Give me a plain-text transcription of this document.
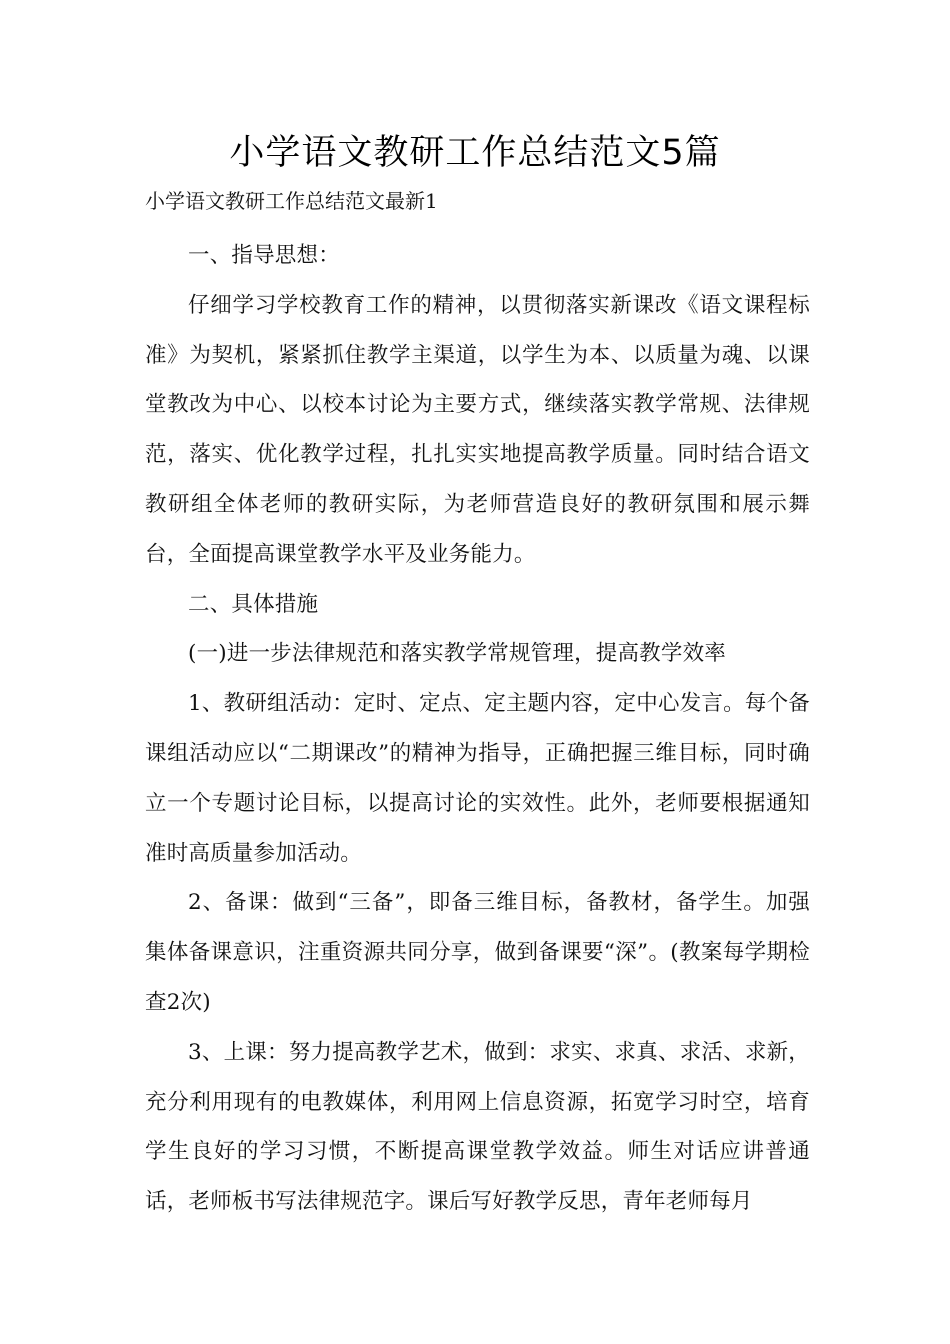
小学语文教研工作总结范文5篇

小学语文教研工作总结范文最新1

一、指导思想：

仔细学习学校教育工作的精神，以贯彻落实新课改《语文课程标准》为契机，紧紧抓住教学主渠道，以学生为本、以质量为魂、以课堂教改为中心、以校本讨论为主要方式，继续落实教学常规、法律规范，落实、优化教学过程，扎扎实实地提高教学质量。同时结合语文教研组全体老师的教研实际，为老师营造良好的教研氛围和展示舞台，全面提高课堂教学水平及业务能力。

二、具体措施

(一)进一步法律规范和落实教学常规管理，提高教学效率

1、教研组活动：定时、定点、定主题内容，定中心发言。每个备课组活动应以“二期课改”的精神为指导，正确把握三维目标，同时确立一个专题讨论目标，以提高讨论的实效性。此外，老师要根据通知准时高质量参加活动。

2、备课：做到“三备”，即备三维目标，备教材，备学生。加强集体备课意识，注重资源共同分享，做到备课要“深”。(教案每学期检查2次)

3、上课：努力提高教学艺术，做到：求实、求真、求活、求新，充分利用现有的电教媒体，利用网上信息资源，拓宽学习时空，培育学生良好的学习习惯，不断提高课堂教学效益。师生对话应讲普通话，老师板书写法律规范字。课后写好教学反思，青年老师每月
